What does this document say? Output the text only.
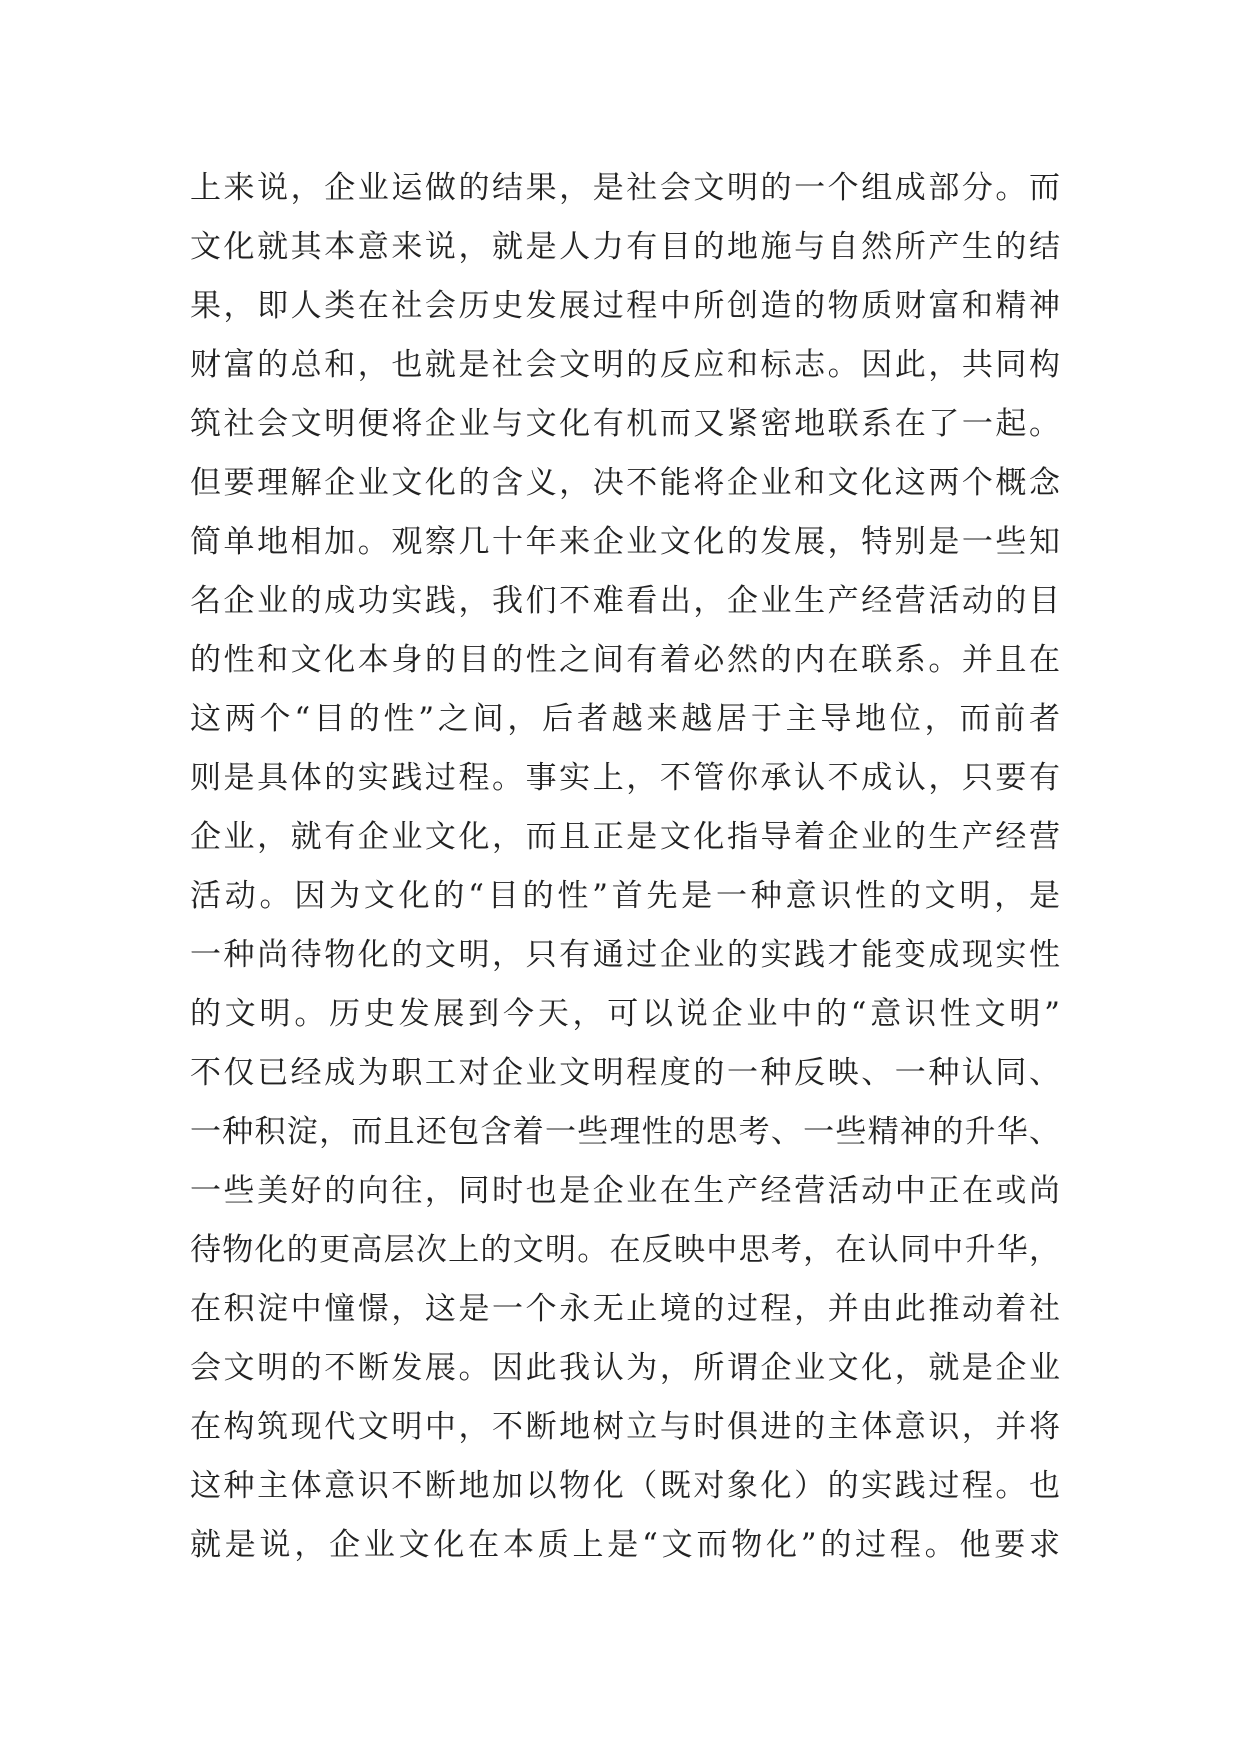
上来说，企业运做的结果，是社会文明的一个组成部分。而
文化就其本意来说，就是人力有目的地施与自然所产生的结
果，即人类在社会历史发展过程中所创造的物质财富和精神
财富的总和，也就是社会文明的反应和标志。因此，共同构
筑社会文明便将企业与文化有机而又紧密地联系在了一起。
但要理解企业文化的含义，决不能将企业和文化这两个概念
简单地相加。观察几十年来企业文化的发展，特别是一些知
名企业的成功实践，我们不难看出，企业生产经营活动的目
的性和文化本身的目的性之间有着必然的内在联系。并且在
这两个“目的性”之间，后者越来越居于主导地位，而前者
则是具体的实践过程。事实上，不管你承认不成认，只要有
企业，就有企业文化，而且正是文化指导着企业的生产经营
活动。因为文化的“目的性”首先是一种意识性的文明，是
一种尚待物化的文明，只有通过企业的实践才能变成现实性
的文明。历史发展到今天，可以说企业中的“意识性文明”
不仅已经成为职工对企业文明程度的一种反映、一种认同、
一种积淀，而且还包含着一些理性的思考、一些精神的升华、
一些美好的向往，同时也是企业在生产经营活动中正在或尚
待物化的更高层次上的文明。在反映中思考，在认同中升华，
在积淀中憧憬，这是一个永无止境的过程，并由此推动着社
会文明的不断发展。因此我认为，所谓企业文化，就是企业
在构筑现代文明中，不断地树立与时俱进的主体意识，并将
这种主体意识不断地加以物化（既对象化）的实践过程。也
就是说，企业文化在本质上是“文而物化”的过程。他要求
